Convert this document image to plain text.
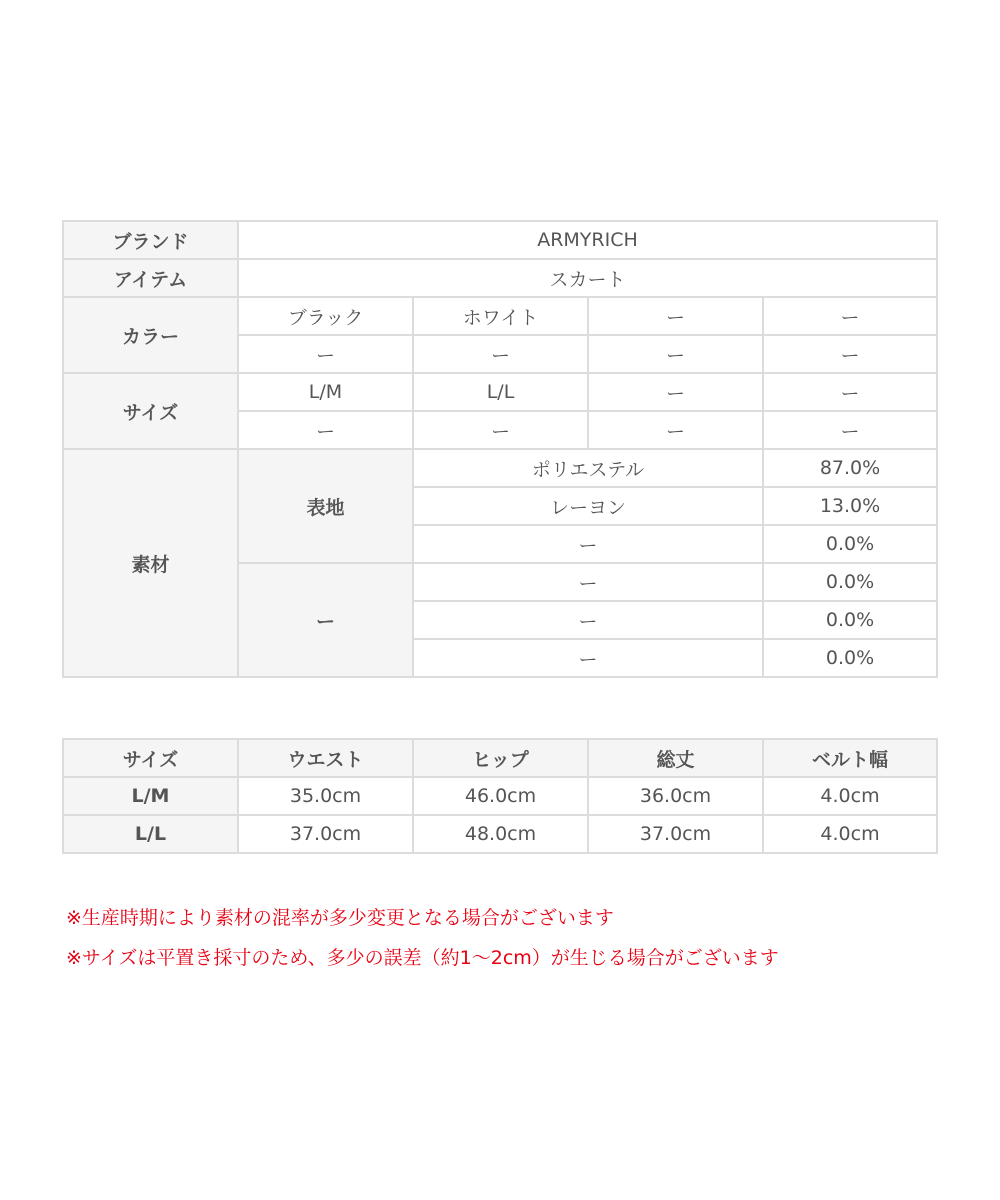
ブランド	ARMYRICH			
アイテム	スカート			
カラー	ブラック	ホワイト	ー	ー
	ー	ー	ー	ー
サイズ	L/M	L/L	ー	ー
	ー	ー	ー	ー
素材	表地	ポリエステル		87.0%
		レーヨン		13.0%
		ー		0.0%
	ー	ー		0.0%
		ー		0.0%
		ー		0.0%
サイズ	ウエスト	ヒップ	総丈	ベルト幅
L/M	35.0cm	46.0cm	36.0cm	4.0cm
L/L	37.0cm	48.0cm	37.0cm	4.0cm
※生産時期により素材の混率が多少変更となる場合がございます
※サイズは平置き採寸のため、多少の誤差（約1～2cm）が生じる場合がございます
